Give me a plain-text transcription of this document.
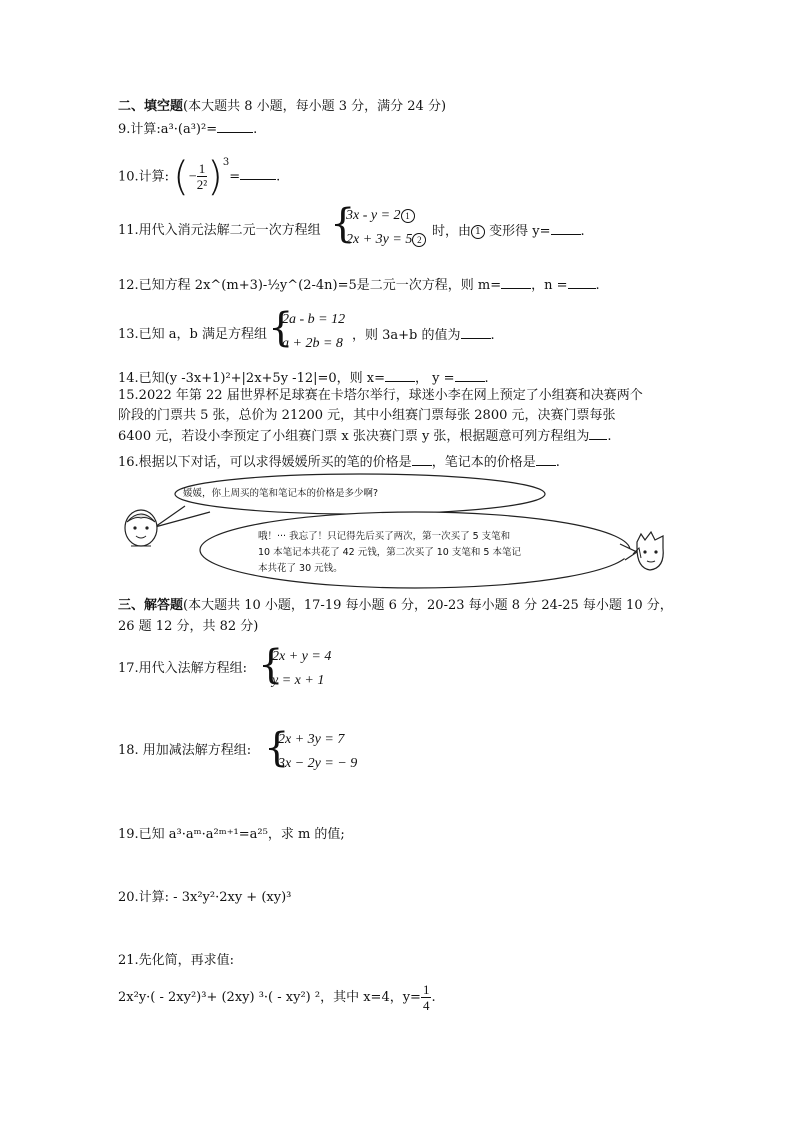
二、填空题(本大题共 8 小题，每小题 3 分，满分 24 分)
9.计算:a³·(a³)²=	.
10.计算: (− $\frac{1}{\text{2²}} )^3=$	.
11.用代入消元法解二元一次方程组 {
3x - y = 2 1
2x + 3y = 5 2
时，由 1 变形得 y= .
12.已知方程 2x^(m+3)-½y^(2-4n)=5是二元一次方程，则 m= ，n = .
13.已知 a，b 满足方程组 {
2a - b = 12
a + 2b = 8
，则 3a+b 的值为 .
14.已知(y -3x+1)²+|2x+5y -12|=0，则 x= ， y = .
15.2022 年第 22 届世界杯足球赛在卡塔尔举行，球迷小李在网上预定了小组赛和决赛两个
阶段的门票共 5 张，总价为 21200 元，其中小组赛门票每张 2800 元，决赛门票每张
6400 元，若设小李预定了小组赛门票 x 张决赛门票 y 张，根据题意可列方程组为 .
16.根据以下对话，可以求得媛媛所买的笔的价格是 ，笔记本的价格是 .
媛媛，你上周买的笔和笔记本的价格是多少啊?
哦！··· 我忘了！只记得先后买了两次，第一次买了 5 支笔和
10 本笔记本共花了 42 元钱，第二次买了 10 支笔和 5 本笔记
本共花了 30 元钱。
三、解答题(本大题共 10 小题，17-19 每小题 6 分，20-23 每小题 8 分 24-25 每小题 10 分，
26 题 12 分，共 82 分)
17.用代入法解方程组: {
2x + y = 4
y = x + 1
18. 用加减法解方程组: {
2x + 3y = 7
3x − 2y = − 9
19.已知 a³·aᵐ·a²ᵐ⁺¹=a²⁵，求 m 的值;
20.计算: - 3x²y²·2xy + (xy)³
21.先化简，再求值:
2x²y·( - 2xy²)³+ (2xy) ³·( - xy²) ²，其中 x=4，$y= \frac{1}{4}$ .
